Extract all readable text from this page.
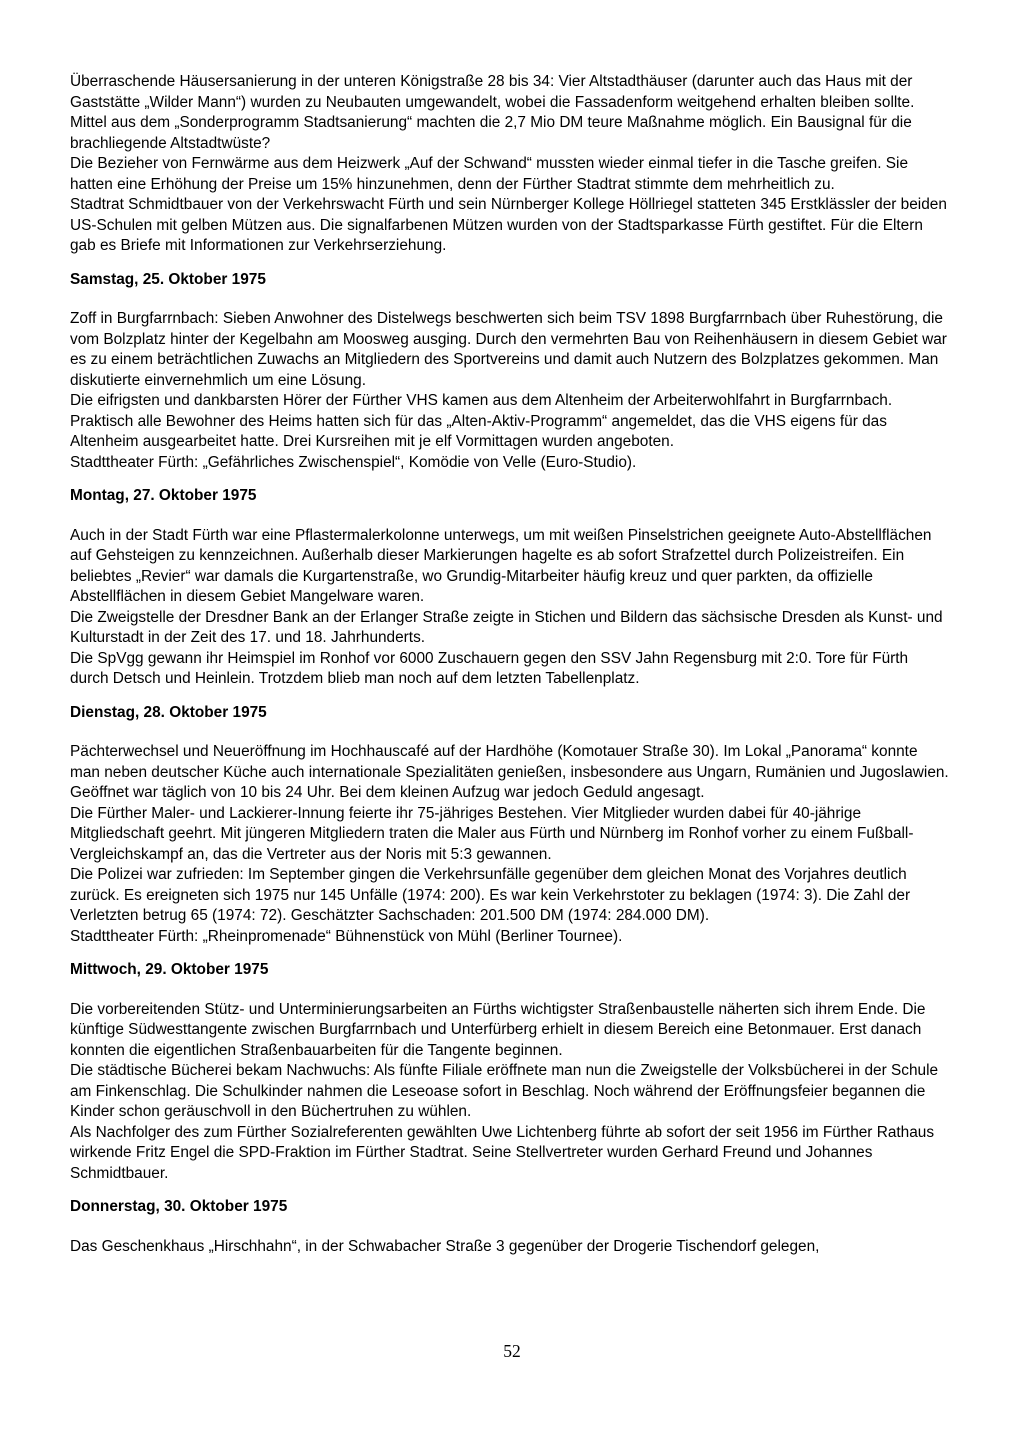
Überraschende Häusersanierung in der unteren Königstraße 28 bis 34: Vier Altstadthäuser (darunter auch das Haus mit der Gaststätte „Wilder Mann“) wurden zu Neubauten umgewandelt, wobei die Fassadenform weitgehend erhalten bleiben sollte. Mittel aus dem „Sonderprogramm Stadtsanierung“ machten die 2,7 Mio DM teure Maßnahme möglich. Ein Bausignal für die brachliegende Altstadtwüste?

Die Bezieher von Fernwärme aus dem Heizwerk „Auf der Schwand“ mussten wieder einmal tiefer in die Tasche greifen. Sie hatten eine Erhöhung der Preise um 15% hinzunehmen, denn der Fürther Stadtrat stimmte dem mehrheitlich zu.

Stadtrat Schmidtbauer von der Verkehrswacht Fürth und sein Nürnberger Kollege Höllriegel statteten 345 Erstklässler der beiden US-Schulen mit gelben Mützen aus. Die signalfarbenen Mützen wurden von der Stadtsparkasse Fürth gestiftet. Für die Eltern gab es Briefe mit Informationen zur Verkehrserziehung.

Samstag, 25. Oktober 1975

Zoff in Burgfarrnbach: Sieben Anwohner des Distelwegs beschwerten sich beim TSV 1898 Burgfarrnbach über Ruhestörung, die vom Bolzplatz hinter der Kegelbahn am Moosweg ausging. Durch den vermehrten Bau von Reihenhäusern in diesem Gebiet war es zu einem beträchtlichen Zuwachs an Mitgliedern des Sportvereins und damit auch Nutzern des Bolzplatzes gekommen. Man diskutierte einvernehmlich um eine Lösung.

Die eifrigsten und dankbarsten Hörer der Fürther VHS kamen aus dem Altenheim der Arbeiterwohlfahrt in Burgfarrnbach. Praktisch alle Bewohner des Heims hatten sich für das „Alten-Aktiv-Programm“ angemeldet, das die VHS eigens für das Altenheim ausgearbeitet hatte. Drei Kursreihen mit je elf Vormittagen wurden angeboten.

Stadttheater Fürth: „Gefährliches Zwischenspiel“, Komödie von Velle (Euro-Studio).

Montag, 27. Oktober 1975

Auch in der Stadt Fürth war eine Pflastermalerkolonne unterwegs, um mit weißen Pinselstrichen geeignete Auto-Abstellflächen auf Gehsteigen zu kennzeichnen. Außerhalb dieser Markierungen hagelte es ab sofort Strafzettel durch Polizeistreifen. Ein beliebtes „Revier“ war damals die Kurgartenstraße, wo Grundig-Mitarbeiter häufig kreuz und quer parkten, da offizielle Abstellflächen in diesem Gebiet Mangelware waren.

Die Zweigstelle der Dresdner Bank an der Erlanger Straße zeigte in Stichen und Bildern das sächsische Dresden als Kunst- und Kulturstadt in der Zeit des 17. und 18. Jahrhunderts.

Die SpVgg gewann ihr Heimspiel im Ronhof vor 6000 Zuschauern gegen den SSV Jahn Regensburg mit 2:0. Tore für Fürth durch Detsch und Heinlein. Trotzdem blieb man noch auf dem letzten Tabellenplatz.

Dienstag, 28. Oktober 1975

Pächterwechsel und Neueröffnung im Hochhauscafé auf der Hardhöhe (Komotauer Straße 30). Im Lokal „Panorama“ konnte man neben deutscher Küche auch internationale Spezialitäten genießen, insbesondere aus Ungarn, Rumänien und Jugoslawien. Geöffnet war täglich von 10 bis 24 Uhr. Bei dem kleinen Aufzug war jedoch Geduld angesagt.

Die Fürther Maler- und Lackierer-Innung feierte ihr 75-jähriges Bestehen. Vier Mitglieder wurden dabei für 40-jährige Mitgliedschaft geehrt. Mit jüngeren Mitgliedern traten die Maler aus Fürth und Nürnberg im Ronhof vorher zu einem Fußball-Vergleichskampf an, das die Vertreter aus der Noris mit 5:3 gewannen.

Die Polizei war zufrieden: Im September gingen die Verkehrsunfälle gegenüber dem gleichen Monat des Vorjahres deutlich zurück. Es ereigneten sich 1975 nur 145 Unfälle (1974: 200). Es war kein Verkehrstoter zu beklagen (1974: 3). Die Zahl der Verletzten betrug 65 (1974: 72). Geschätzter Sachschaden: 201.500 DM (1974: 284.000 DM).

Stadttheater Fürth: „Rheinpromenade“ Bühnenstück von Mühl (Berliner Tournee).

Mittwoch, 29. Oktober 1975

Die vorbereitenden Stütz- und Unterminierungsarbeiten an Fürths wichtigster Straßenbaustelle näherten sich ihrem Ende. Die künftige Südwesttangente zwischen Burgfarrnbach und Unterfürberg erhielt in diesem Bereich eine Betonmauer. Erst danach konnten die eigentlichen Straßenbauarbeiten für die Tangente beginnen.

Die städtische Bücherei bekam Nachwuchs: Als fünfte Filiale eröffnete man nun die Zweigstelle der Volksbücherei in der Schule am Finkenschlag. Die Schulkinder nahmen die Leseoase sofort in Beschlag. Noch während der Eröffnungsfeier begannen die Kinder schon geräuschvoll in den Büchertruhen zu wühlen.

Als Nachfolger des zum Fürther Sozialreferenten gewählten Uwe Lichtenberg führte ab sofort der seit 1956 im Fürther Rathaus wirkende Fritz Engel die SPD-Fraktion im Fürther Stadtrat. Seine Stellvertreter wurden Gerhard Freund und Johannes Schmidtbauer.

Donnerstag, 30. Oktober 1975

Das Geschenkhaus „Hirschhahn“, in der Schwabacher Straße 3 gegenüber der Drogerie Tischendorf gelegen,

52
